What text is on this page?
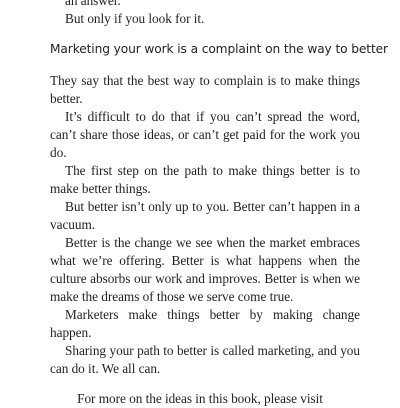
an answer.

But only if you look for it.

Marketing your work is a complaint on the way to better

They say that the best way to complain is to make things better.

It’s difficult to do that if you can’t spread the word, can’t share those ideas, or can’t get paid for the work you do.

The first step on the path to make things better is to make better things.

But better isn’t only up to you. Better can’t happen in a vacuum.

Better is the change we see when the market embraces what we’re offering. Better is what happens when the culture absorbs our work and improves. Better is when we make the dreams of those we serve come true.

Marketers make things better by making change happen.

Sharing your path to better is called marketing, and you can do it. We all can.

For more on the ideas in this book, please visit
